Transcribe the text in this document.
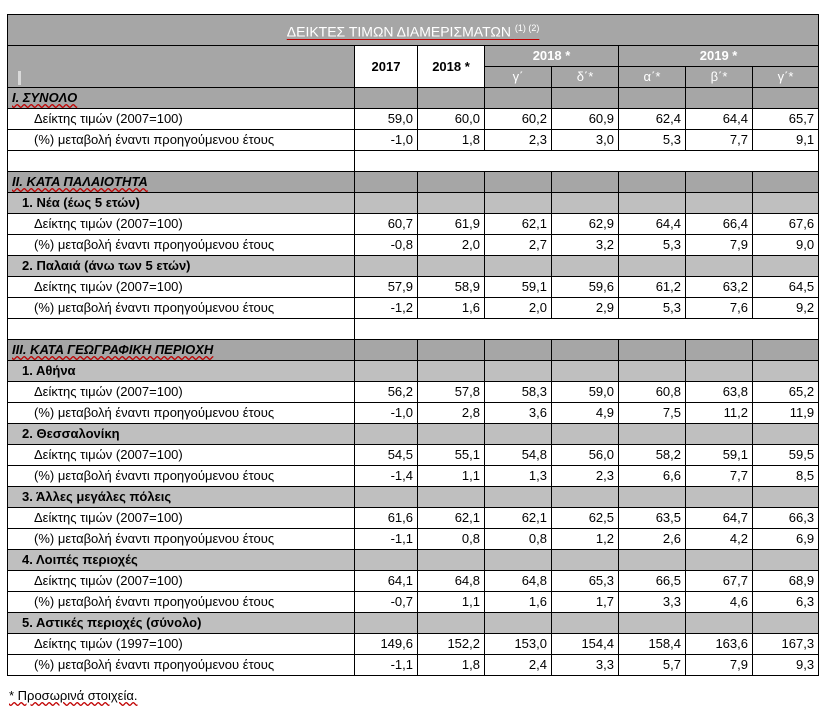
ΔΕΙΚΤΕΣ ΤΙΜΩΝ ΔΙΑΜΕΡΙΣΜΑΤΩΝ $^{(1) (2)}$
	2017	2018 *	2018 *		2019 *		
			γ΄	δ΄*	α΄*	β΄*	γ΄*
I. ΣΥΝΟΛΟ							
Δείκτης τιμών (2007=100)	59,0	60,0	60,2	60,9	62,4	64,4	65,7
(%) μεταβολή έναντι προηγούμενου έτους	-1,0	1,8	2,3	3,0	5,3	7,7	9,1

II. ΚΑΤΑ ΠΑΛΑΙΟΤΗΤΑ							
1. Νέα (έως 5 ετών)							
Δείκτης τιμών (2007=100)	60,7	61,9	62,1	62,9	64,4	66,4	67,6
(%) μεταβολή έναντι προηγούμενου έτους	-0,8	2,0	2,7	3,2	5,3	7,9	9,0
2. Παλαιά (άνω των 5 ετών)							
Δείκτης τιμών (2007=100)	57,9	58,9	59,1	59,6	61,2	63,2	64,5
(%) μεταβολή έναντι προηγούμενου έτους	-1,2	1,6	2,0	2,9	5,3	7,6	9,2

III. ΚΑΤΑ ΓΕΩΓΡΑΦΙΚΗ ΠΕΡΙΟΧΗ							
1. Αθήνα							
Δείκτης τιμών (2007=100)	56,2	57,8	58,3	59,0	60,8	63,8	65,2
(%) μεταβολή έναντι προηγούμενου έτους	-1,0	2,8	3,6	4,9	7,5	11,2	11,9
2. Θεσσαλονίκη							
Δείκτης τιμών (2007=100)	54,5	55,1	54,8	56,0	58,2	59,1	59,5
(%) μεταβολή έναντι προηγούμενου έτους	-1,4	1,1	1,3	2,3	6,6	7,7	8,5
3. Άλλες μεγάλες πόλεις							
Δείκτης τιμών (2007=100)	61,6	62,1	62,1	62,5	63,5	64,7	66,3
(%) μεταβολή έναντι προηγούμενου έτους	-1,1	0,8	0,8	1,2	2,6	4,2	6,9
4. Λοιπές περιοχές							
Δείκτης τιμών (2007=100)	64,1	64,8	64,8	65,3	66,5	67,7	68,9
(%) μεταβολή έναντι προηγούμενου έτους	-0,7	1,1	1,6	1,7	3,3	4,6	6,3
5. Αστικές περιοχές (σύνολο)							
Δείκτης τιμών (1997=100)	149,6	152,2	153,0	154,4	158,4	163,6	167,3
(%) μεταβολή έναντι προηγούμενου έτους	-1,1	1,8	2,4	3,3	5,7	7,9	9,3
* Προσωρινά στοιχεία.
